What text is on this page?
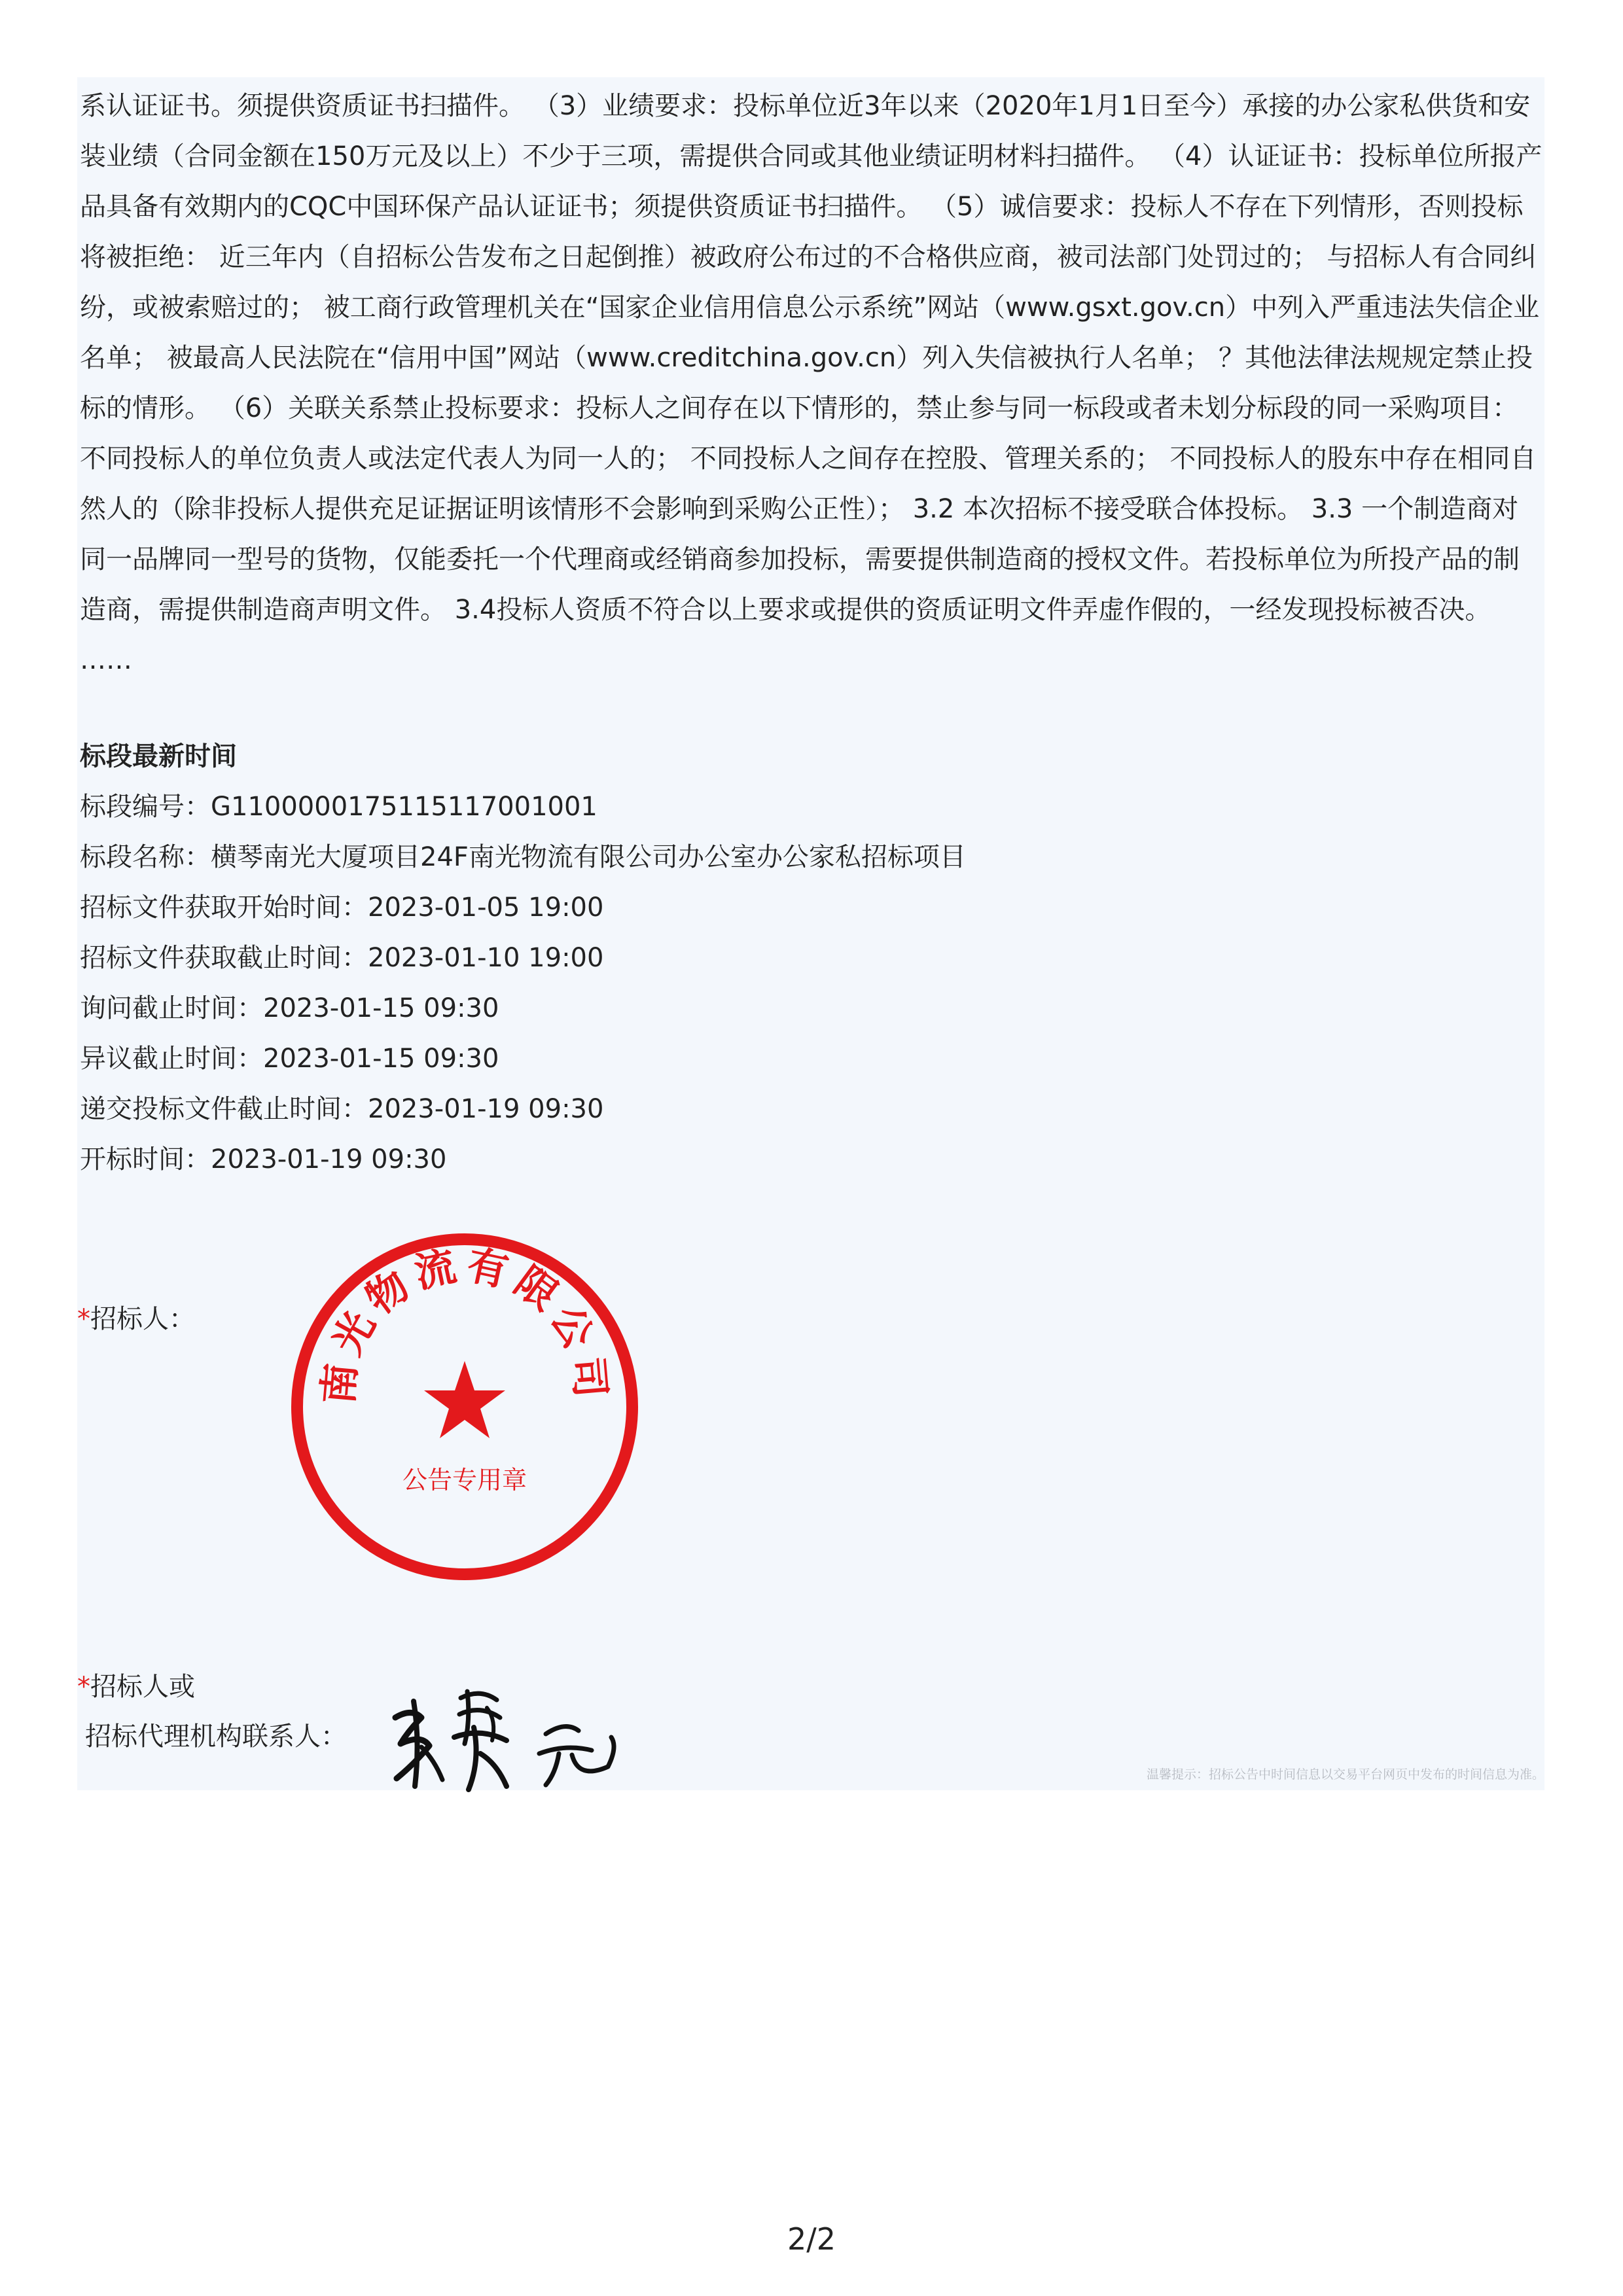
系认证证书。须提供资质证书扫描件。 （3）业绩要求：投标单位近3年以来（2020年1月1日至今）承接的办公家私供货和安装业绩（合同金额在150万元及以上）不少于三项，需提供合同或其他业绩证明材料扫描件。 （4）认证证书：投标单位所报产品具备有效期内的CQC中国环保产品认证证书；须提供资质证书扫描件。 （5）诚信要求：投标人不存在下列情形，否则投标将被拒绝： 近三年内（自招标公告发布之日起倒推）被政府公布过的不合格供应商，被司法部门处罚过的； 与招标人有合同纠纷，或被索赔过的； 被工商行政管理机关在“国家企业信用信息公示系统”网站（www.gsxt.gov.cn）中列入严重违法失信企业名单； 被最高人民法院在“信用中国”网站（www.creditchina.gov.cn）列入失信被执行人名单； ？其他法律法规规定禁止投标的情形。 （6）关联关系禁止投标要求：投标人之间存在以下情形的，禁止参与同一标段或者未划分标段的同一采购项目： 不同投标人的单位负责人或法定代表人为同一人的； 不同投标人之间存在控股、管理关系的； 不同投标人的股东中存在相同自然人的（除非投标人提供充足证据证明该情形不会影响到采购公正性）； 3.2 本次招标不接受联合体投标。 3.3 一个制造商对同一品牌同一型号的货物，仅能委托一个代理商或经销商参加投标，需要提供制造商的授权文件。若投标单位为所投产品的制造商，需提供制造商声明文件。 3.4投标人资质不符合以上要求或提供的资质证明文件弄虚作假的，一经发现投标被否决。 ……

标段最新时间

标段编号：G1100000175115117001001
标段名称：横琴南光大厦项目24F南光物流有限公司办公室办公家私招标项目
招标文件获取开始时间：2023-01-05 19:00
招标文件获取截止时间：2023-01-10 19:00
询问截止时间：2023-01-15 09:30
异议截止时间：2023-01-15 09:30
递交投标文件截止时间：2023-01-19 09:30
开标时间：2023-01-19 09:30
*招标人：
南光物流有限公司
公告专用章
*招标人或
招标代理机构联系人：
温馨提示：招标公告中时间信息以交易平台网页中发布的时间信息为准。
2/2
